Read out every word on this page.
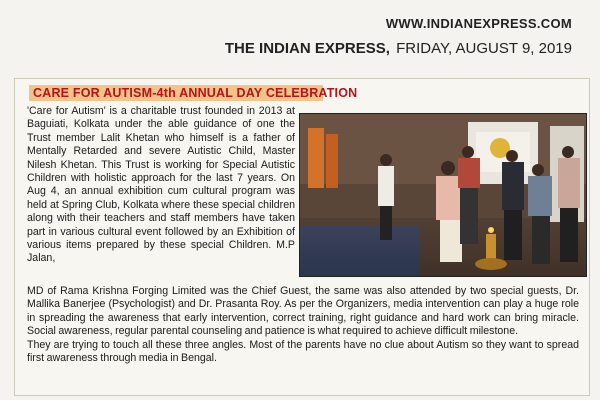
WWW.INDIANEXPRESS.COM
THE INDIAN EXPRESS, FRIDAY, AUGUST 9, 2019
CARE FOR AUTISM-4th ANNUAL DAY CELEBRATION
'Care for Autism' is a charitable trust founded in 2013 at Baguiati, Kolkata under the able guidance of one the Trust member Lalit Khetan who himself is a father of Mentally Retarded and severe Autistic Child, Master Nilesh Khetan. This Trust is working for Special Autistic Children with holistic approach for the last 7 years. On Aug 4, an annual exhibition cum cultural program was held at Spring Club, Kolkata where these special children along with their teachers and staff members have taken part in various cultural event followed by an Exhibition of various items prepared by these special Children. M.P Jalan,

MD of Rama Krishna Forging Limited was the Chief Guest, the same was also attended by two special guests, Dr. Mallika Banerjee (Psychologist) and Dr. Prasanta Roy. As per the Organizers, media intervention can play a huge role in spreading the awareness that early intervention, correct training, right guidance and hard work can bring miracle. Social awareness, regular parental counseling and patience is what required to achieve difficult milestone.

They are trying to touch all these three angles. Most of the parents have no clue about Autism so they want to spread first awareness through media in Bengal.
